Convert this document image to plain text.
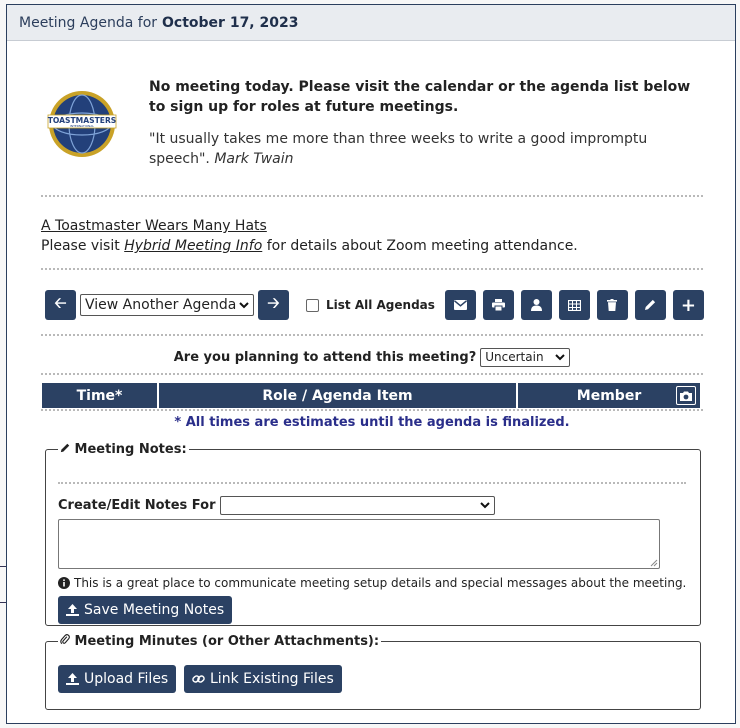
Meeting Agenda for October 17, 2023
TOASTMASTERS
INTERNATIONAL
No meeting today. Please visit the calendar or the agenda list below to sign up for roles at future meetings.
"It usually takes me more than three weeks to write a good impromptu speech". Mark Twain
A Toastmaster Wears Many Hats
Please visit Hybrid Meeting Info for details about Zoom meeting attendance.
🡠 View Another Agenda 🡢	List All Agendas	+
Are you planning to attend this meeting? Uncertain
Time*	Role / Agenda Item	Member
* All times are estimates until the agenda is finalized.
Meeting Notes:
Create/Edit Notes For
This is a great place to communicate meeting setup details and special messages about the meeting.
Save Meeting Notes
Meeting Minutes (or Other Attachments):
Upload Files	Link Existing Files
